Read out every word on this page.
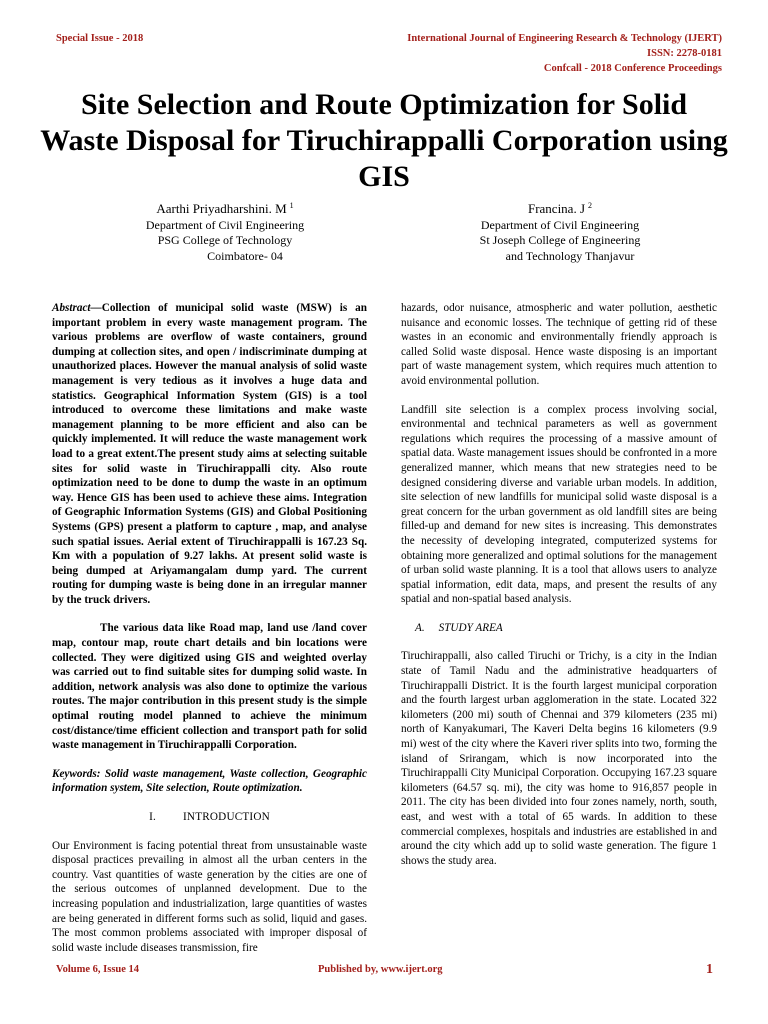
Special Issue - 2018	International Journal of Engineering Research & Technology (IJERT)
ISSN: 2278-0181
Confcall - 2018 Conference Proceedings
Site Selection and Route Optimization for Solid Waste Disposal for Tiruchirappalli Corporation using GIS
Aarthi Priyadharshini. M $^1$
Department of Civil Engineering
PSG College of Technology
Coimbatore- 04
Francina. J $^2$
Department of Civil Engineering
St Joseph College of Engineering
and Technology Thanjavur

Abstract—Collection of municipal solid waste (MSW) is an important problem in every waste management program. The various problems are overflow of waste containers, ground dumping at collection sites, and open / indiscriminate dumping at unauthorized places. However the manual analysis of solid waste management is very tedious as it involves a huge data and statistics. Geographical Information System (GIS) is a tool introduced to overcome these limitations and make waste management planning to be more efficient and also can be quickly implemented. It will reduce the waste management work load to a great extent.The present study aims at selecting suitable sites for solid waste in Tiruchirappalli city. Also route optimization need to be done to dump the waste in an optimum way. Hence GIS has been used to achieve these aims. Integration of Geographic Information Systems (GIS) and Global Positioning Systems (GPS) present a platform to capture , map, and analyse such spatial issues. Aerial extent of Tiruchirappalli is 167.23 Sq. Km with a population of 9.27 lakhs. At present solid waste is being dumped at Ariyamangalam dump yard. The current routing for dumping waste is being done in an irregular manner by the truck drivers.

The various data like Road map, land use /land cover map, contour map, route chart details and bin locations were collected. They were digitized using GIS and weighted overlay was carried out to find suitable sites for dumping solid waste. In addition, network analysis was also done to optimize the various routes. The major contribution in this present study is the simple optimal routing model planned to achieve the minimum cost/distance/time efficient collection and transport path for solid waste management in Tiruchirappalli Corporation.

Keywords: Solid waste management, Waste collection, Geographic information system, Site selection, Route optimization.

I.         INTRODUCTION

Our Environment is facing potential threat from unsustainable waste disposal practices prevailing in almost all the urban centers in the country. Vast quantities of waste generation by the cities are one of the serious outcomes of unplanned development. Due to the increasing population and industrialization, large quantities of wastes are being generated in different forms such as solid, liquid and gases. The most common problems associated with improper disposal of solid waste include diseases transmission, fire

hazards, odor nuisance, atmospheric and water pollution, aesthetic nuisance and economic losses. The technique of getting rid of these wastes in an economic and environmentally friendly approach is called Solid waste disposal. Hence waste disposing is an important part of waste management system, which requires much attention to avoid environmental pollution.

Landfill site selection is a complex process involving social, environmental and technical parameters as well as government regulations which requires the processing of a massive amount of spatial data. Waste management issues should be confronted in a more generalized manner, which means that new strategies need to be designed considering diverse and variable urban models. In addition, site selection of new landfills for municipal solid waste disposal is a great concern for the urban government as old landfill sites are being filled-up and demand for new sites is increasing. This demonstrates the necessity of developing integrated, computerized systems for obtaining more generalized and optimal solutions for the management of urban solid waste planning. It is a tool that allows users to analyze spatial information, edit data, maps, and present the results of any spatial and non-spatial based analysis.

A.     STUDY AREA

Tiruchirappalli, also called Tiruchi or Trichy, is a city in the Indian state of Tamil Nadu and the administrative headquarters of Tiruchirappalli District. It is the fourth largest municipal corporation and the fourth largest urban agglomeration in the state. Located 322 kilometers (200 mi) south of Chennai and 379 kilometers (235 mi) north of Kanyakumari, The Kaveri Delta begins 16 kilometers (9.9 mi) west of the city where the Kaveri river splits into two, forming the island of Srirangam, which is now incorporated into the Tiruchirappalli City Municipal Corporation. Occupying 167.23 square kilometers (64.57 sq. mi), the city was home to 916,857 people in 2011. The city has been divided into four zones namely, north, south, east, and west with a total of 65 wards. In addition to these commercial complexes, hospitals and industries are established in and around the city which add up to solid waste generation. The figure 1 shows the study area.

Volume 6, Issue 14	Published by, www.ijert.org	1
